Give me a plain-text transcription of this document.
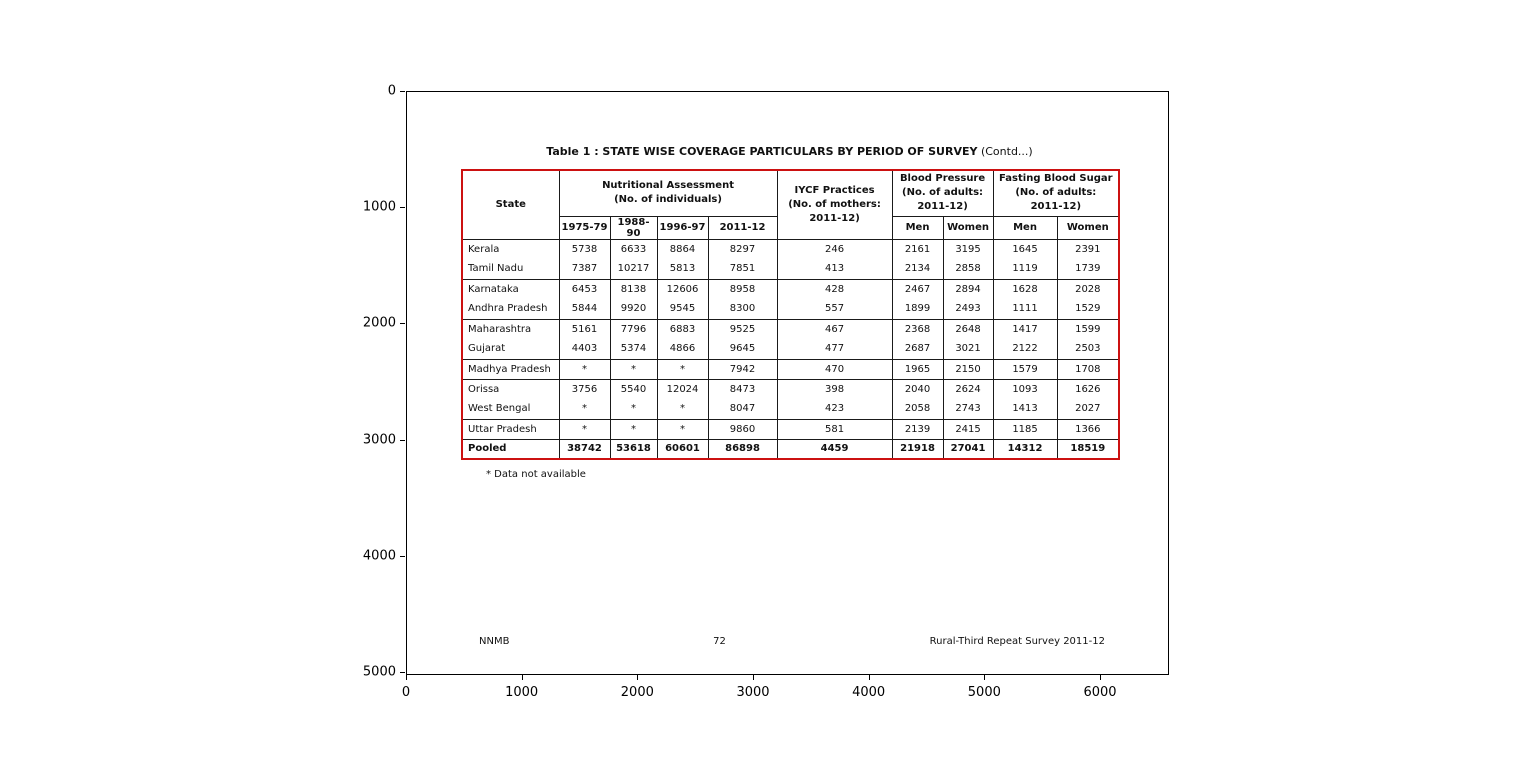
Table 1 : STATE WISE COVERAGE PARTICULARS BY PERIOD OF SURVEY (Contd...)
State

Nutritional Assessment
(No. of individuals)

IYCF Practices
(No. of mothers:
2011-12)

Blood Pressure
(No. of adults:
2011-12)

Fasting Blood Sugar
(No. of adults:
2011-12)

	1975-79	1988-90	1996-97	2011-12		Men	Women	Men	Women
Kerala	5738	6633	8864	8297	246	2161	3195	1645	2391
Tamil Nadu	7387	10217	5813	7851	413	2134	2858	1119	1739
Karnataka	6453	8138	12606	8958	428	2467	2894	1628	2028
Andhra Pradesh	5844	9920	9545	8300	557	1899	2493	1111	1529
Maharashtra	5161	7796	6883	9525	467	2368	2648	1417	1599
Gujarat	4403	5374	4866	9645	477	2687	3021	2122	2503
Madhya Pradesh	*	*	*	7942	470	1965	2150	1579	1708
Orissa	3756	5540	12024	8473	398	2040	2624	1093	1626
West Bengal	*	*	*	8047	423	2058	2743	1413	2027
Uttar Pradesh	*	*	*	9860	581	2139	2415	1185	1366
Pooled	38742	53618	60601	86898	4459	21918	27041	14312	18519
* Data not available
NNMB	72	Rural-Third Repeat Survey 2011-12
0
1000
2000
3000
4000
5000
0	1000	2000	3000	4000	5000	6000
